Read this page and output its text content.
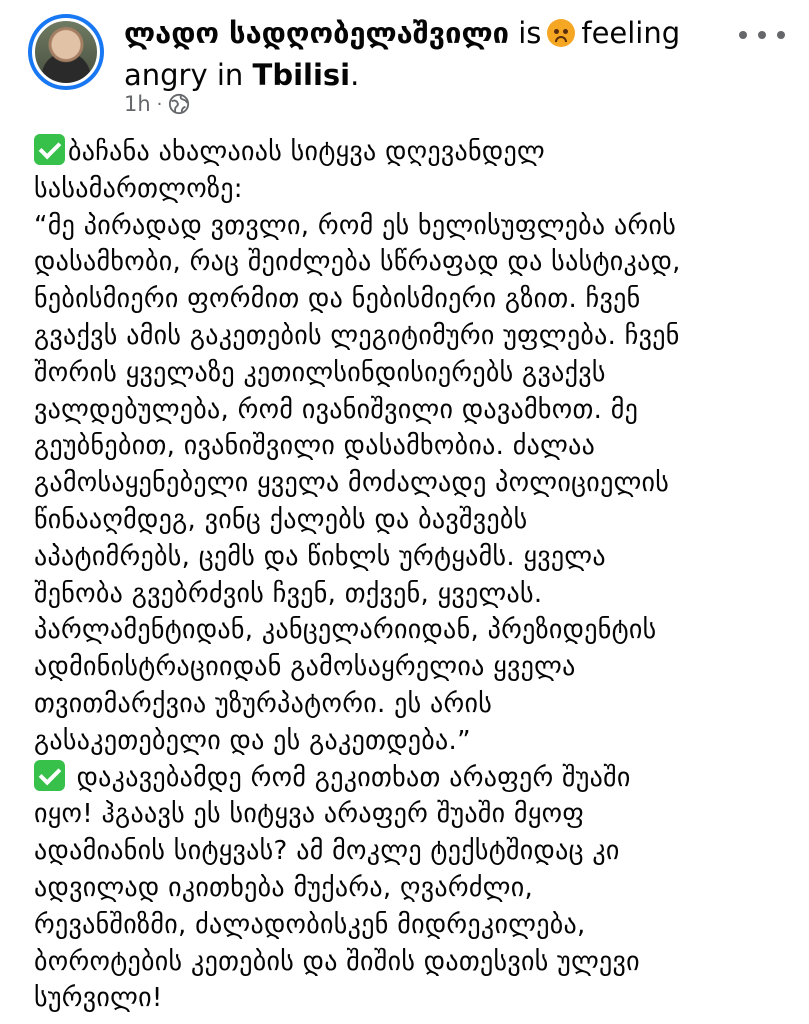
ლადო სადღობელაშვილი is feeling angry in Tbilisi.
1h ·
ბაჩანა ახალაიას სიტყვა დღევანდელ
სასამართლოზე:
“მე პირადად ვთვლი, რომ ეს ხელისუფლება არის
დასამხობი, რაც შეიძლება სწრაფად და სასტიკად,
ნებისმიერი ფორმით და ნებისმიერი გზით. ჩვენ
გვაქვს ამის გაკეთების ლეგიტიმური უფლება. ჩვენ
შორის ყველაზე კეთილსინდისიერებს გვაქვს
ვალდებულება, რომ ივანიშვილი დავამხოთ. მე
გეუბნებით, ივანიშვილი დასამხობია. ძალაა
გამოსაყენებელი ყველა მოძალადე პოლიციელის
წინააღმდეგ, ვინც ქალებს და ბავშვებს
აპატიმრებს, ცემს და წიხლს ურტყამს. ყველა
შენობა გვებრძვის ჩვენ, თქვენ, ყველას.
პარლამენტიდან, კანცელარიიდან, პრეზიდენტის
ადმინისტრაციიდან გამოსაყრელია ყველა
თვითმარქვია უზურპატორი. ეს არის
გასაკეთებელი და ეს გაკეთდება.”
დაკავებამდე რომ გეკითხათ არაფერ შუაში
იყო! ჰგაავს ეს სიტყვა არაფერ შუაში მყოფ
ადამიანის სიტყვას? ამ მოკლე ტექსტშიდაც კი
ადვილად იკითხება მუქარა, ღვარძლი,
რევანშიზმი, ძალადობისკენ მიდრეკილება,
ბოროტების კეთების და შიშის დათესვის ულევი
სურვილი!
